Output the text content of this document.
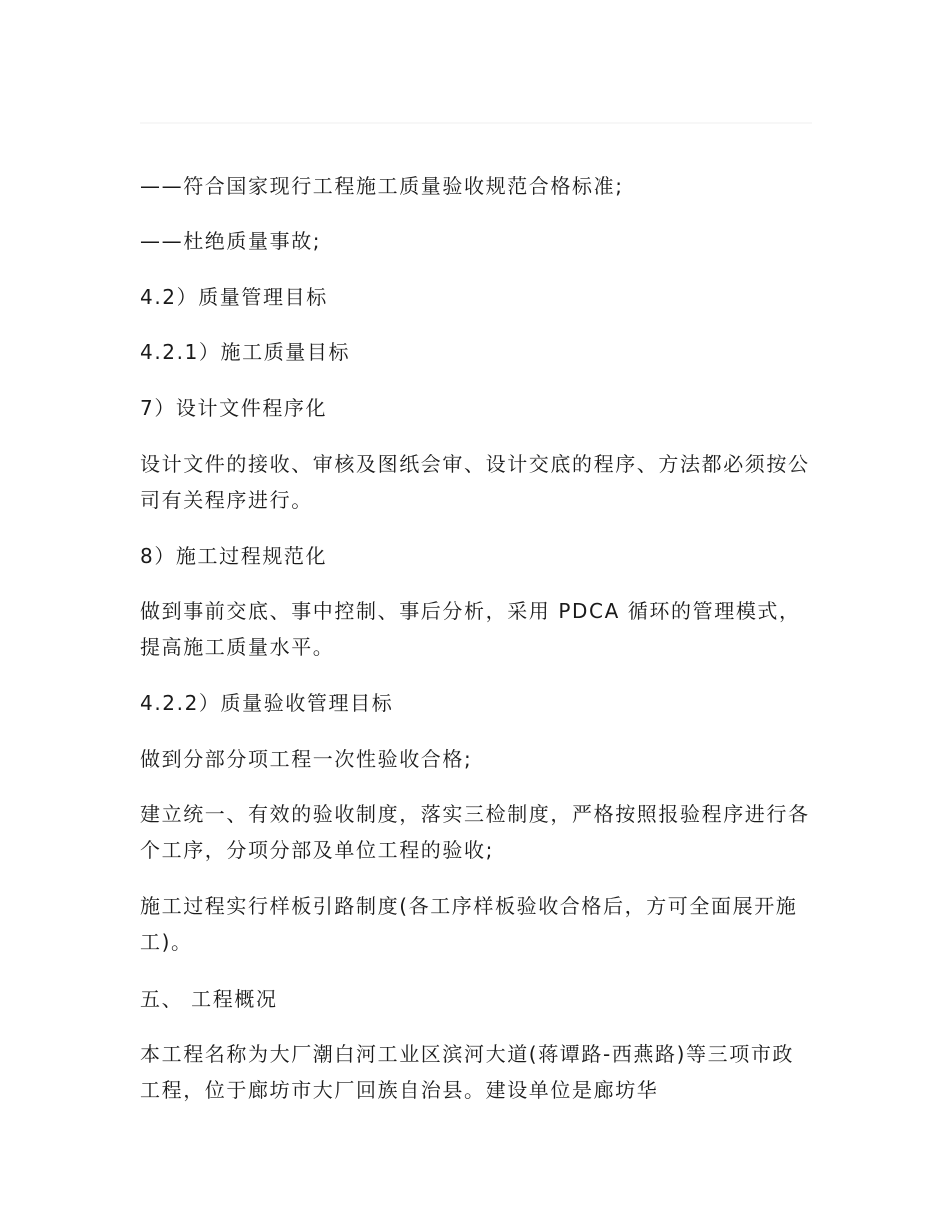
——符合国家现行工程施工质量验收规范合格标准;

——杜绝质量事故;

4.2）质量管理目标

4.2.1）施工质量目标

7）设计文件程序化

设计文件的接收、审核及图纸会审、设计交底的程序、方法都必须按公司有关程序进行。

8）施工过程规范化

做到事前交底、事中控制、事后分析，采用 PDCA 循环的管理模式，提高施工质量水平。

4.2.2）质量验收管理目标

做到分部分项工程一次性验收合格;

建立统一、有效的验收制度，落实三检制度，严格按照报验程序进行各个工序，分项分部及单位工程的验收;

施工过程实行样板引路制度(各工序样板验收合格后，方可全面展开施工)。

五、 工程概况

本工程名称为大厂潮白河工业区滨河大道(蒋谭路-西燕路)等三项市政工程，位于廊坊市大厂回族自治县。建设单位是廊坊华
